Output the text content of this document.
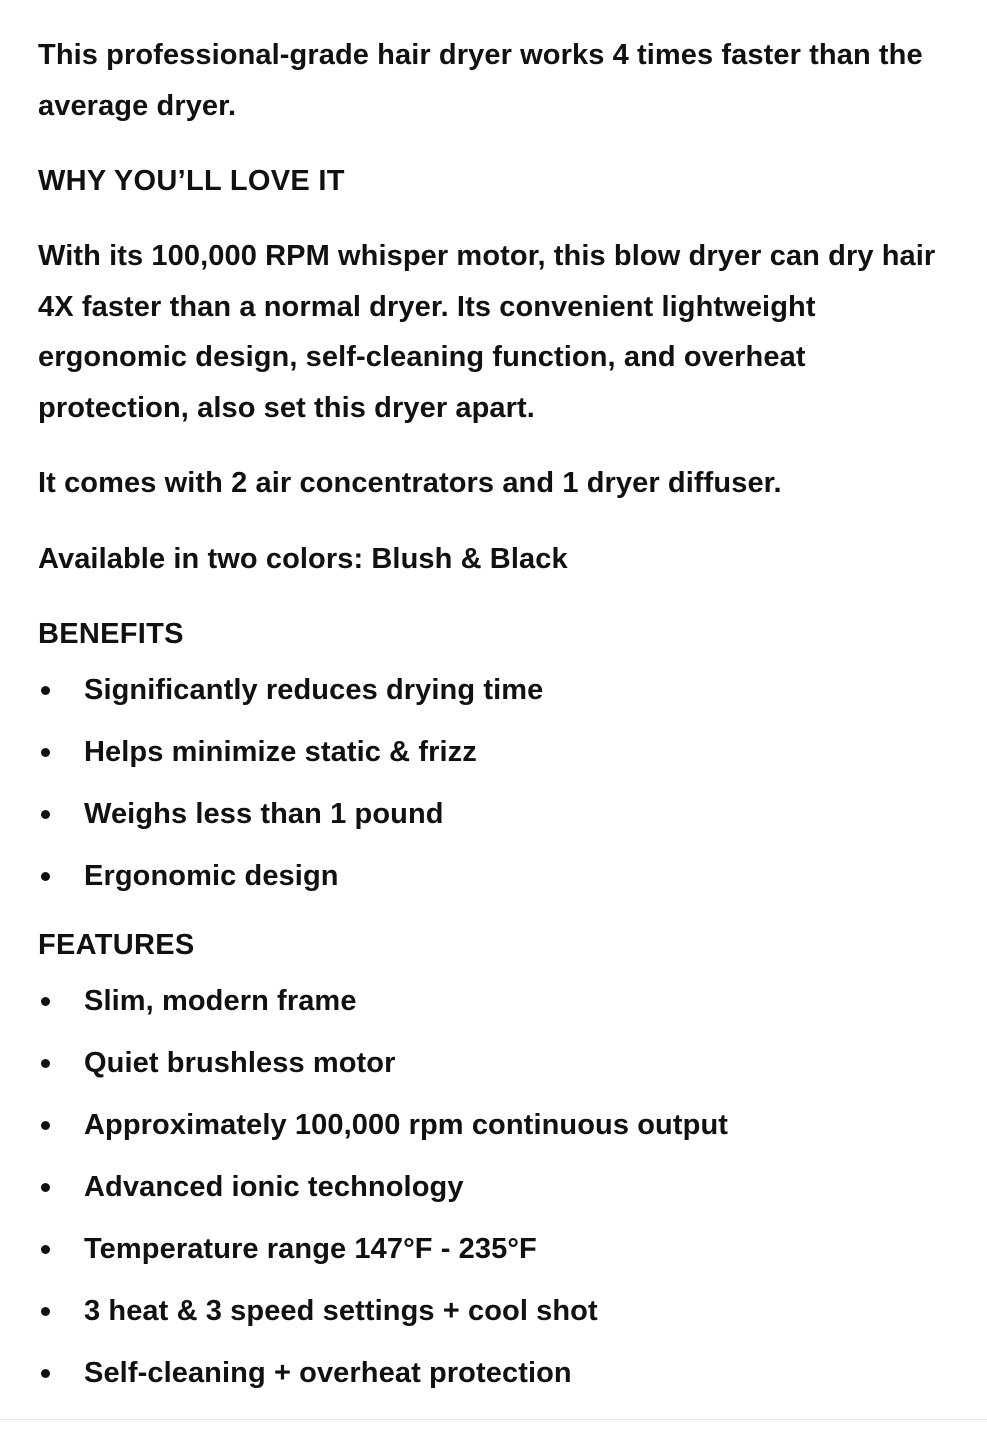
This professional-grade hair dryer works 4 times faster than the average dryer.

WHY YOU’LL LOVE IT

With its 100,000 RPM whisper motor, this blow dryer can dry hair 4X faster than a normal dryer. Its convenient lightweight ergonomic design, self-cleaning function, and overheat protection, also set this dryer apart.

It comes with 2 air concentrators and 1 dryer diffuser.

Available in two colors: Blush & Black

BENEFITS

Significantly reduces drying time
Helps minimize static & frizz
Weighs less than 1 pound
Ergonomic design

FEATURES

Slim, modern frame
Quiet brushless motor
Approximately 100,000 rpm continuous output
Advanced ionic technology
Temperature range 147°F - 235°F
3 heat & 3 speed settings + cool shot
Self-cleaning + overheat protection
